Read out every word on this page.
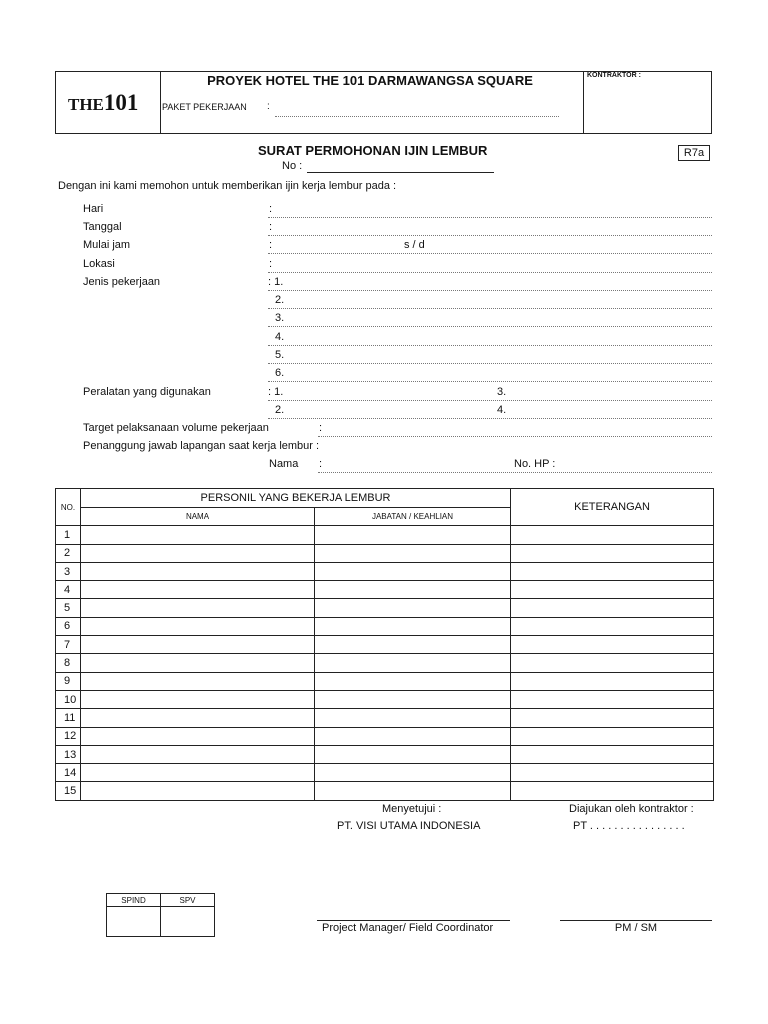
THE101
PROYEK HOTEL THE 101 DARMAWANGSA SQUARE
PAKET PEKERJAAN :
KONTRAKTOR :
SURAT PERMOHONAN IJIN LEMBUR	R7a
No :
Dengan ini kami memohon untuk memberikan ijin kerja lembur pada :
Hari	:
Tanggal	:
Mulai jam	:	s / d
Lokasi	:
Jenis pekerjaan	: 1.
2.
3.
4.
5.
6.
Peralatan yang digunakan	: 1.	3.
2.	4.
Target pelaksanaan volume pekerjaan	:
Penanggung jawab lapangan saat kerja lembur :
Nama :	No. HP :
NO.	PERSONIL YANG BEKERJA LEMBUR		KETERANGAN
	NAMA	JABATAN / KEAHLIAN	
1			
2			
3			
4			
5			
6			
7			
8			
9			
10			
11			
12			
13			
14			
15			
Menyetujui :
PT. VISI UTAMA INDONESIA
Diajukan oleh kontraktor :
PT . . . . . . . . . . . . . . . .
SPIND	SPV

Project Manager/ Field Coordinator	PM / SM
